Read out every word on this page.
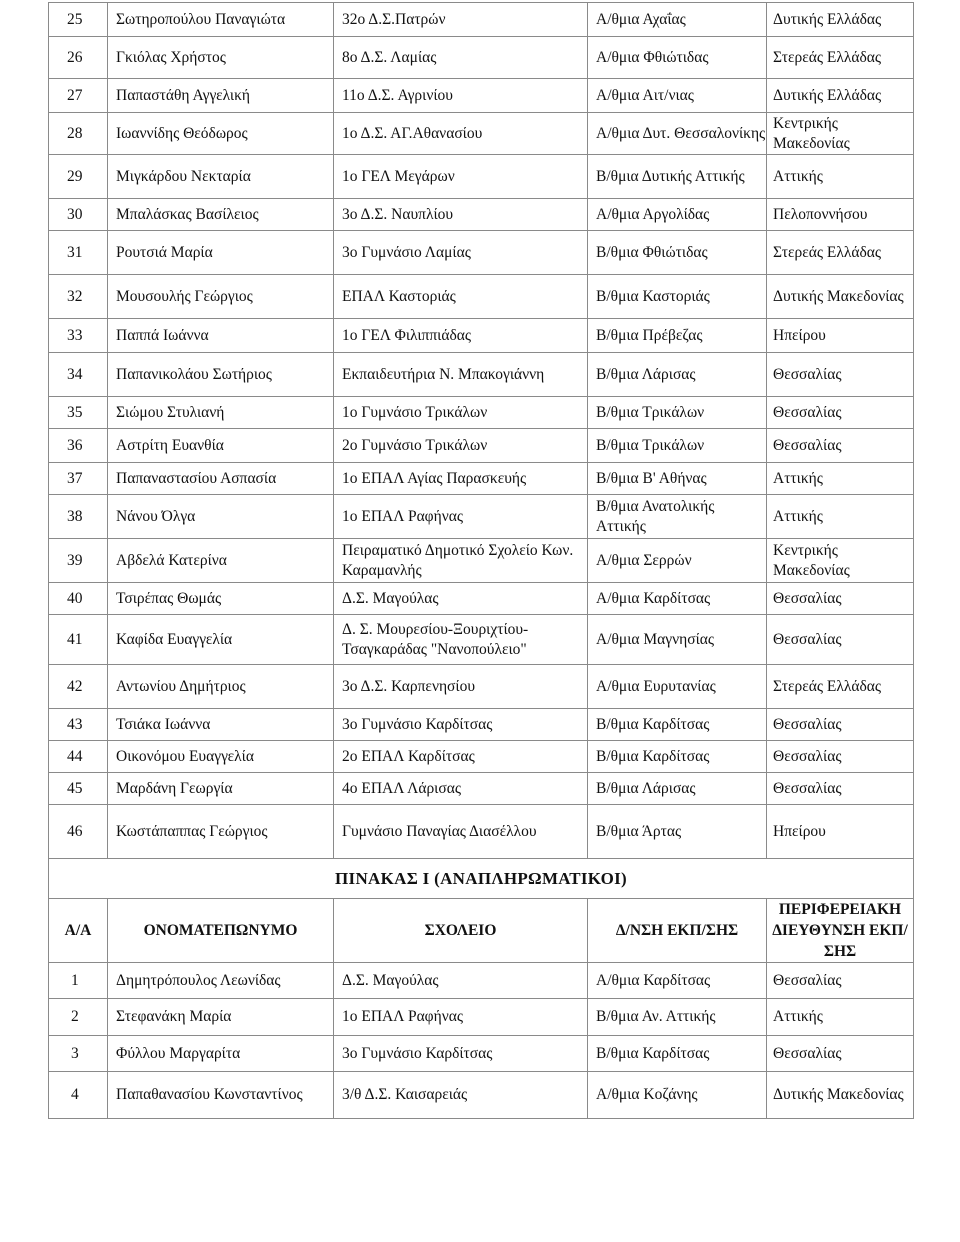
25	Σωτηροπούλου Παναγιώτα	32ο Δ.Σ.Πατρών	Α/θμια Αχαΐας	Δυτικής Ελλάδας

26	Γκιόλας Χρήστος	8ο Δ.Σ. Λαμίας	Α/θμια Φθιώτιδας	Στερεάς Ελλάδας

27	Παπαστάθη Αγγελική	11ο Δ.Σ. Αγρινίου	Α/θμια Αιτ/νιας	Δυτικής Ελλάδας

28	Ιωαννίδης Θεόδωρος	1ο Δ.Σ. ΑΓ.Αθανασίου	Α/θμια Δυτ. Θεσσαλονίκης	Κεντρικής Μακεδονίας

29	Μιγκάρδου Νεκταρία	1ο ΓΕΛ Μεγάρων	Β/θμια Δυτικής Αττικής	Αττικής

30	Μπαλάσκας Βασίλειος	3ο Δ.Σ. Ναυπλίου	Α/θμια Αργολίδας	Πελοποννήσου

31	Ρουτσιά Μαρία	3ο Γυμνάσιο Λαμίας	Β/θμια Φθιώτιδας	Στερεάς Ελλάδας

32	Μουσουλής Γεώργιος	ΕΠΑΛ Καστοριάς	Β/θμια Καστοριάς	Δυτικής Μακεδονίας

33	Παππά Ιωάννα	1ο ΓΕΛ Φιλιππιάδας	Β/θμια Πρέβεζας	Ηπείρου

34	Παπανικολάου Σωτήριος	Εκπαιδευτήρια Ν. Μπακογιάννη	Β/θμια Λάρισας	Θεσσαλίας

35	Σιώμου Στυλιανή	1ο Γυμνάσιο Τρικάλων	Β/θμια Τρικάλων	Θεσσαλίας

36	Αστρίτη Ευανθία	2ο Γυμνάσιο Τρικάλων	Β/θμια Τρικάλων	Θεσσαλίας

37	Παπαναστασίου Ασπασία	1ο ΕΠΑΛ Αγίας Παρασκευής	Β/θμια Β' Αθήνας	Αττικής

38	Νάνου Όλγα	1ο ΕΠΑΛ Ραφήνας	Β/θμια Ανατολικής Αττικής	Αττικής

39	Αβδελά Κατερίνα	Πειραματικό Δημοτικό Σχολείο Κων. Καραμανλής	Α/θμια Σερρών	Κεντρικής Μακεδονίας

40	Τσιρέπας Θωμάς	Δ.Σ. Μαγούλας	Α/θμια Καρδίτσας	Θεσσαλίας

41	Καφίδα Ευαγγελία	Δ. Σ. Μουρεσίου-Ξουριχτίου-Τσαγκαράδας "Νανοπούλειο"	Α/θμια Μαγνησίας	Θεσσαλίας

42	Αντωνίου Δημήτριος	3ο Δ.Σ. Καρπενησίου	Α/θμια Ευρυτανίας	Στερεάς Ελλάδας

43	Τσιάκα Ιωάννα	3ο Γυμνάσιο Καρδίτσας	Β/θμια Καρδίτσας	Θεσσαλίας

44	Οικονόμου Ευαγγελία	2ο ΕΠΑΛ Καρδίτσας	Β/θμια Καρδίτσας	Θεσσαλίας

45	Μαρδάνη Γεωργία	4ο ΕΠΑΛ Λάρισας	Β/θμια Λάρισας	Θεσσαλίας

46	Κωστάπαππας Γεώργιος	Γυμνάσιο Παναγίας Διασέλλου	Β/θμια Άρτας	Ηπείρου

ΠΙΝΑΚΑΣ Ι (ΑΝΑΠΛΗΡΩΜΑΤΙΚΟΙ)				
Α/Α	ΟΝΟΜΑΤΕΠΩΝΥΜΟ	ΣΧΟΛΕΙΟ	Δ/ΝΣΗ ΕΚΠ/ΣΗΣ	ΠΕΡΙΦΕΡΕΙΑΚΗ ΔΙΕΥΘΥΝΣΗ ΕΚΠ/ΣΗΣ

1	Δημητρόπουλος Λεωνίδας	Δ.Σ. Μαγούλας	Α/θμια Καρδίτσας	Θεσσαλίας

2	Στεφανάκη Μαρία	1ο ΕΠΑΛ Ραφήνας	Β/θμια Αν. Αττικής	Αττικής

3	Φύλλου Μαργαρίτα	3ο Γυμνάσιο Καρδίτσας	Β/θμια Καρδίτσας	Θεσσαλίας

4	Παπαθανασίου Κωνσταντίνος	3/θ Δ.Σ. Καισαρειάς	Α/θμια Κοζάνης	Δυτικής Μακεδονίας
